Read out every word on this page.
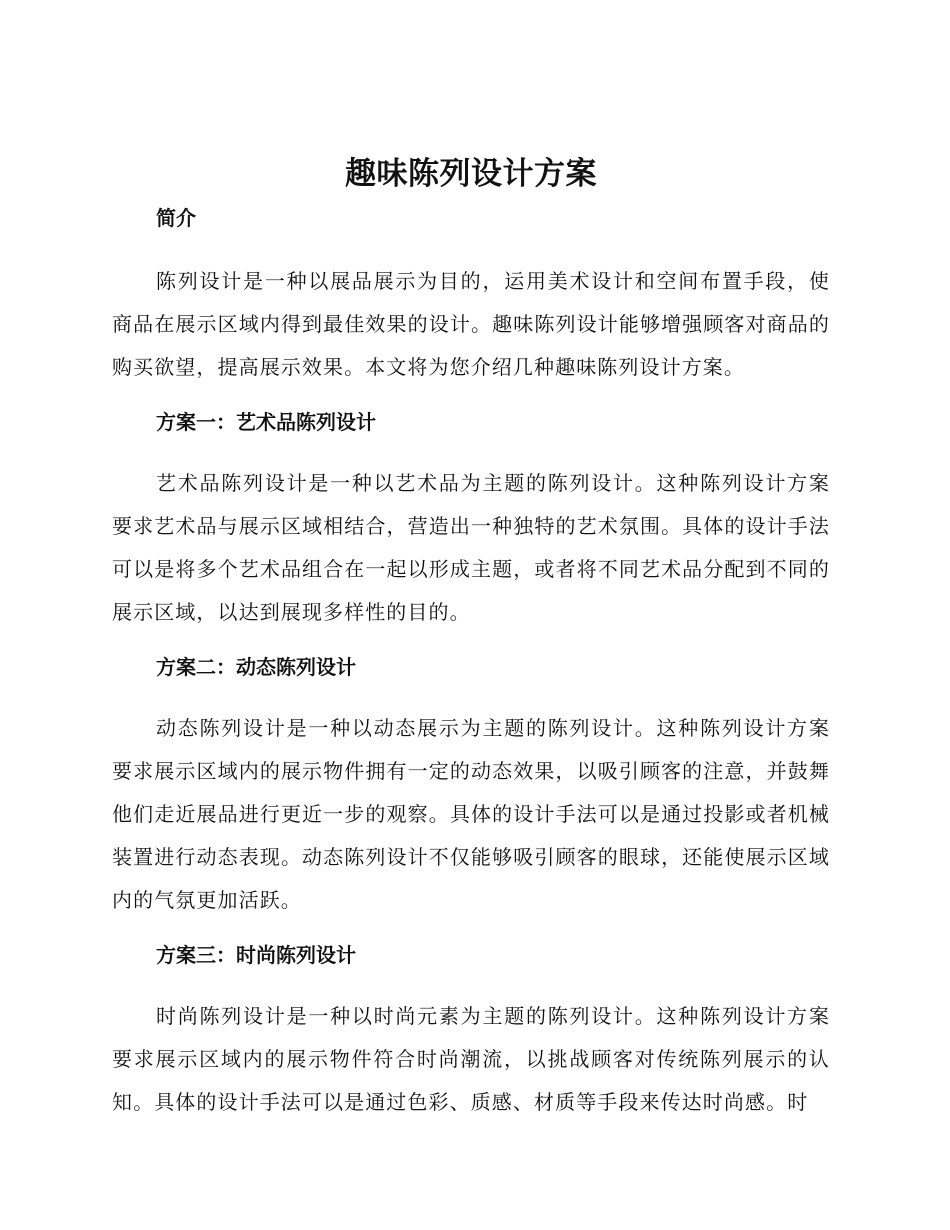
趣味陈列设计方案
简介

陈列设计是一种以展品展示为目的，运用美术设计和空间布置手段，使商品在展示区域内得到最佳效果的设计。趣味陈列设计能够增强顾客对商品的购买欲望，提高展示效果。本文将为您介绍几种趣味陈列设计方案。

方案一：艺术品陈列设计

艺术品陈列设计是一种以艺术品为主题的陈列设计。这种陈列设计方案要求艺术品与展示区域相结合，营造出一种独特的艺术氛围。具体的设计手法可以是将多个艺术品组合在一起以形成主题，或者将不同艺术品分配到不同的展示区域，以达到展现多样性的目的。

方案二：动态陈列设计

动态陈列设计是一种以动态展示为主题的陈列设计。这种陈列设计方案要求展示区域内的展示物件拥有一定的动态效果，以吸引顾客的注意，并鼓舞他们走近展品进行更近一步的观察。具体的设计手法可以是通过投影或者机械装置进行动态表现。动态陈列设计不仅能够吸引顾客的眼球，还能使展示区域内的气氛更加活跃。

方案三：时尚陈列设计

时尚陈列设计是一种以时尚元素为主题的陈列设计。这种陈列设计方案要求展示区域内的展示物件符合时尚潮流，以挑战顾客对传统陈列展示的认知。具体的设计手法可以是通过色彩、质感、材质等手段来传达时尚感。时
